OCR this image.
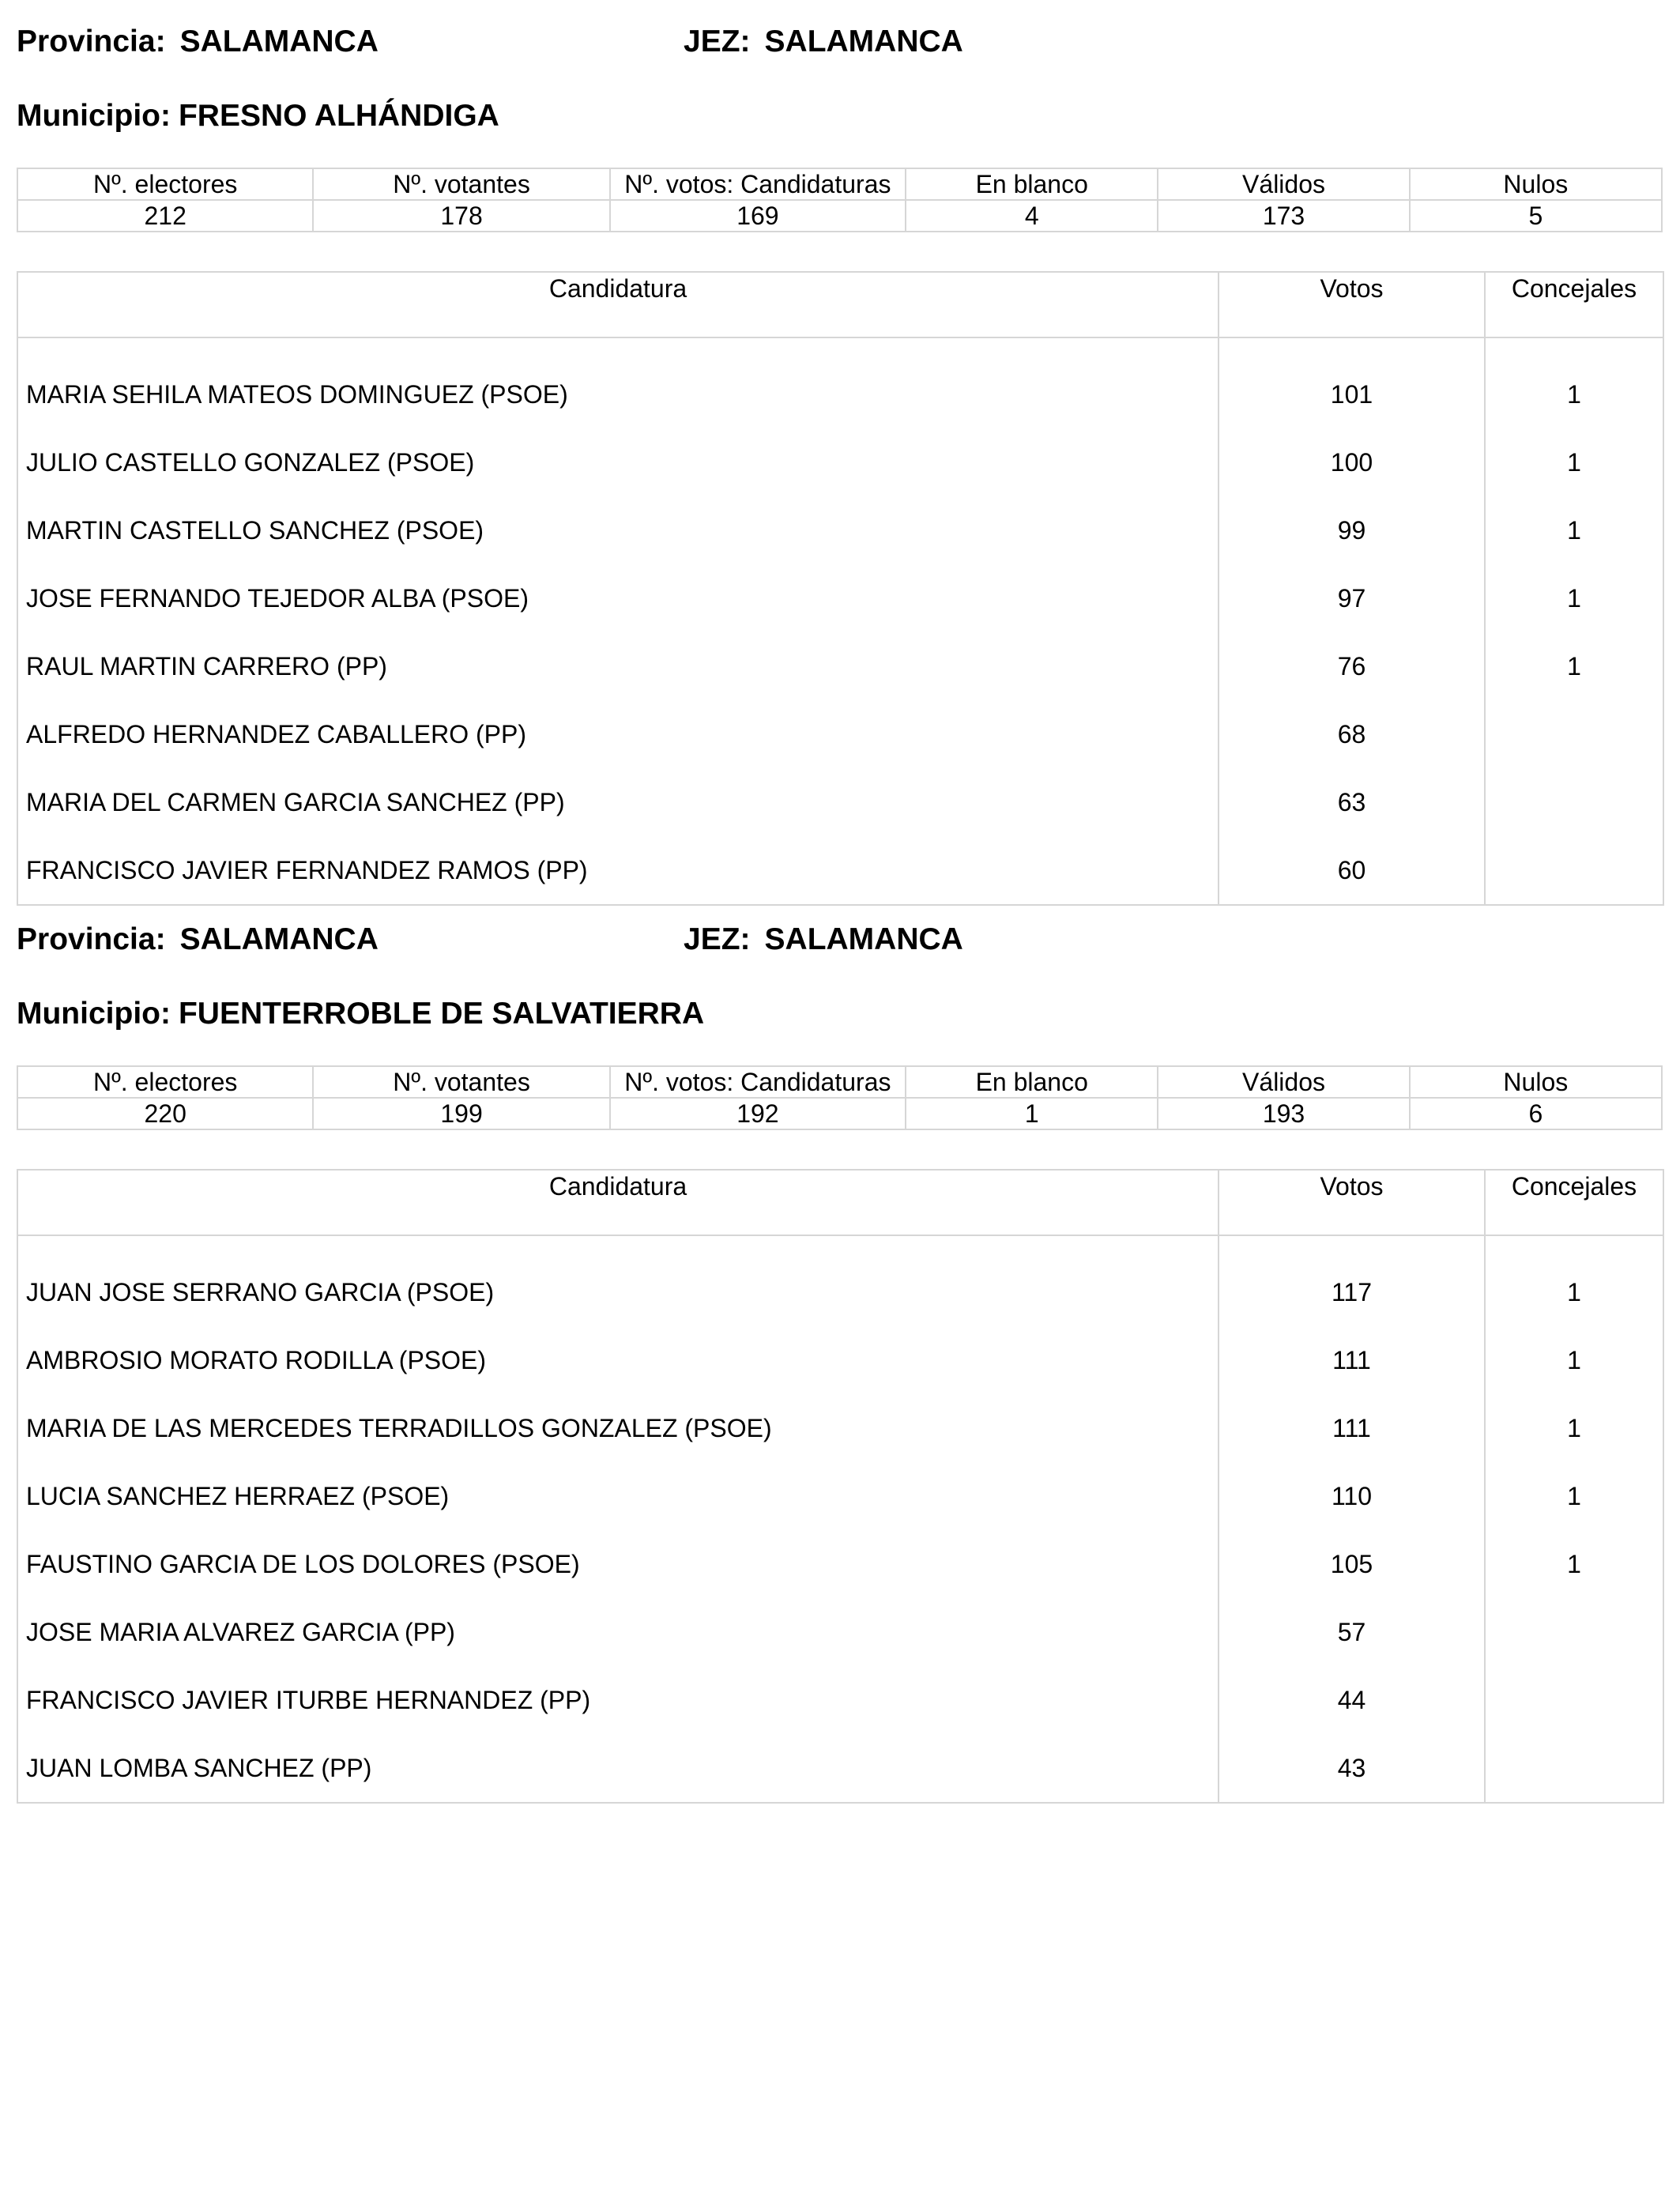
Provincia: SALAMANCA	JEZ: SALAMANCA
Municipio: FRESNO ALHÁNDIGA
Nº. electores	Nº. votantes	Nº. votos: Candidaturas	En blanco	Válidos	Nulos
212	178	169	4	173	5
Candidatura	Votos	Concejales
MARIA SEHILA MATEOS DOMINGUEZ (PSOE)	101	1
JULIO CASTELLO GONZALEZ (PSOE)	100	1
MARTIN CASTELLO SANCHEZ (PSOE)	99	1
JOSE FERNANDO TEJEDOR ALBA (PSOE)	97	1
RAUL MARTIN CARRERO (PP)	76	1
ALFREDO HERNANDEZ CABALLERO (PP)	68	
MARIA DEL CARMEN GARCIA SANCHEZ (PP)	63	
FRANCISCO JAVIER FERNANDEZ RAMOS (PP)	60	
Provincia: SALAMANCA	JEZ: SALAMANCA
Municipio: FUENTERROBLE DE SALVATIERRA
Nº. electores	Nº. votantes	Nº. votos: Candidaturas	En blanco	Válidos	Nulos
220	199	192	1	193	6
Candidatura	Votos	Concejales
JUAN JOSE SERRANO GARCIA (PSOE)	117	1
AMBROSIO MORATO RODILLA (PSOE)	111	1
MARIA DE LAS MERCEDES TERRADILLOS GONZALEZ (PSOE)	111	1
LUCIA SANCHEZ HERRAEZ (PSOE)	110	1
FAUSTINO GARCIA DE LOS DOLORES (PSOE)	105	1
JOSE MARIA ALVAREZ GARCIA (PP)	57	
FRANCISCO JAVIER ITURBE HERNANDEZ (PP)	44	
JUAN LOMBA SANCHEZ (PP)	43	
